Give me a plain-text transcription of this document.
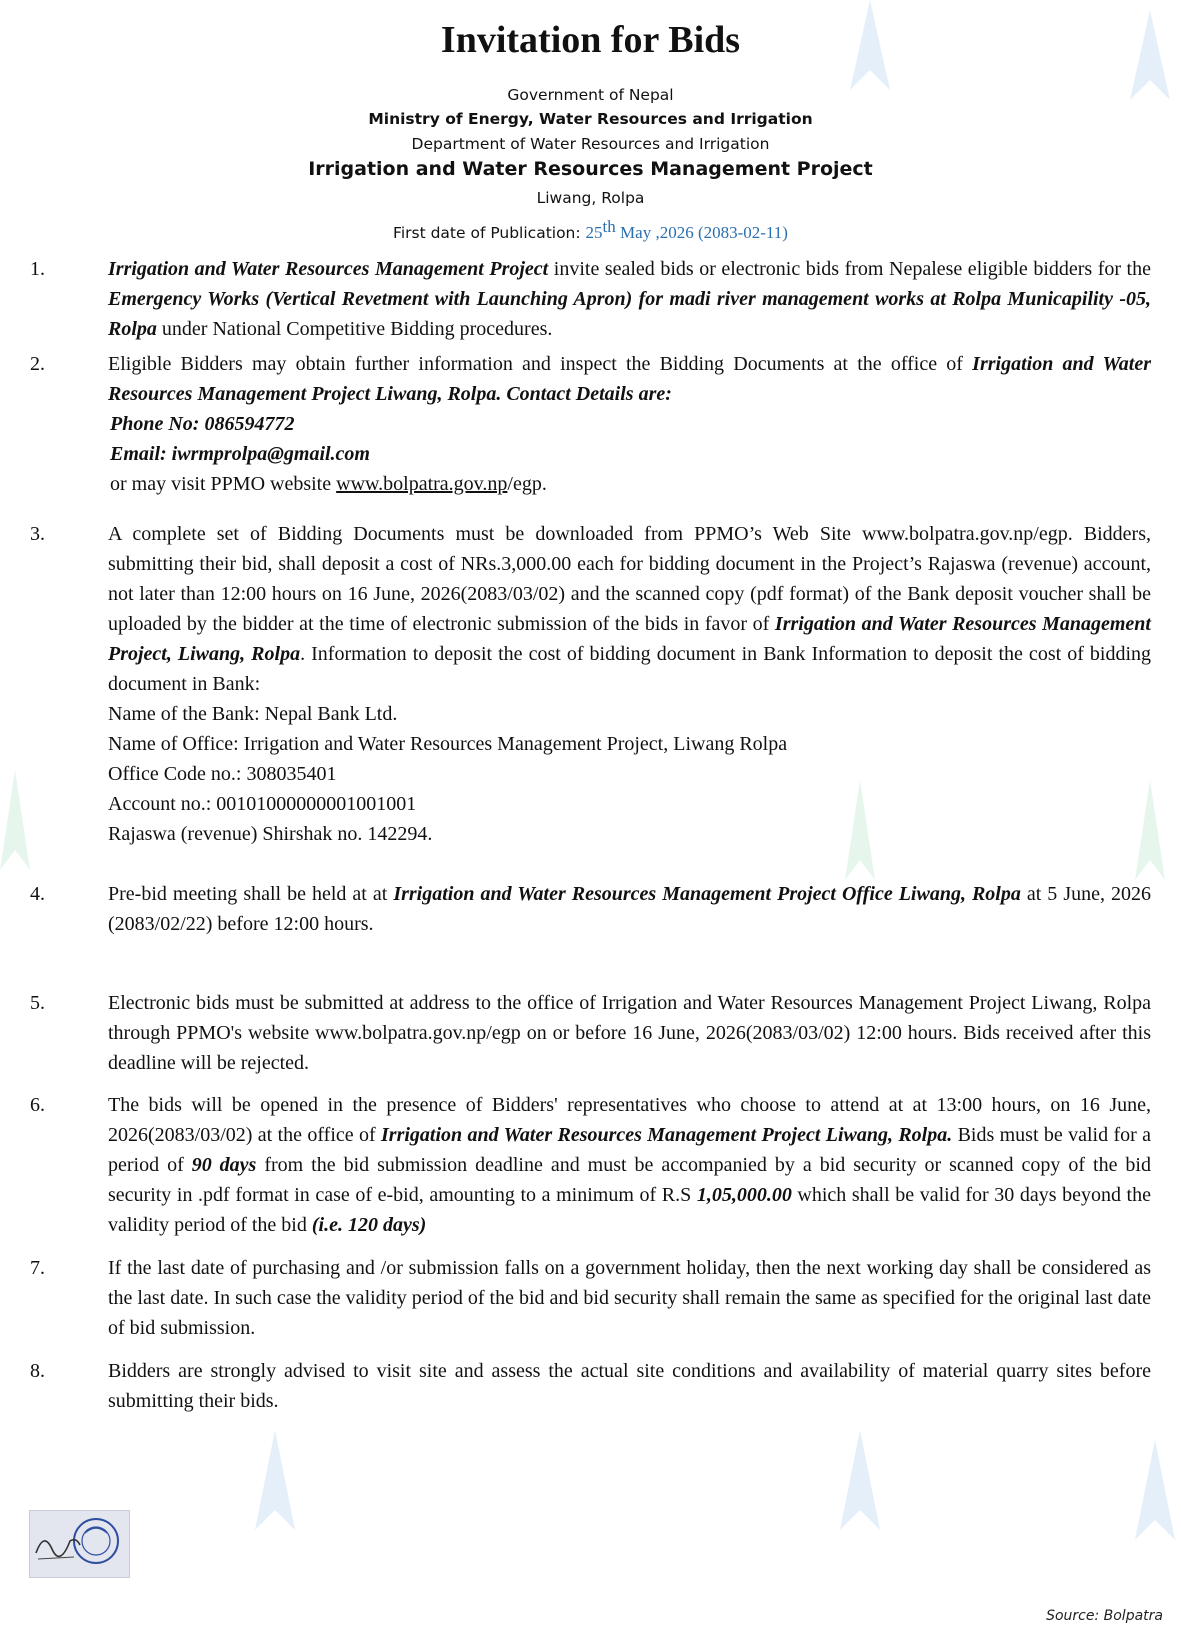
Invitation for Bids
Government of Nepal
Ministry of Energy, Water Resources and Irrigation
Department of Water Resources and Irrigation
Irrigation and Water Resources Management Project
Liwang, Rolpa
First date of Publication: 25th May ,2026 (2083-02-11)
1.	Irrigation and Water Resources Management Project invite sealed bids or electronic bids from Nepalese eligible bidders for the Emergency Works (Vertical Revetment with Launching Apron) for madi river management works at Rolpa Municapility -05, Rolpa under National Competitive Bidding procedures.
2.	Eligible Bidders may obtain further information and inspect the Bidding Documents at the office of Irrigation and Water Resources Management Project Liwang, Rolpa. Contact Details are:

Phone No: 086594772

Email: iwrmprolpa@gmail.com

or may visit PPMO website www.bolpatra.gov.np/egp.

3.	A complete set of Bidding Documents must be downloaded from PPMO’s Web Site www.bolpatra.gov.np/egp. Bidders, submitting their bid, shall deposit a cost of NRs.3,000.00 each for bidding document in the Project’s Rajaswa (revenue) account, not later than 12:00 hours on 16 June, 2026(2083/03/02) and the scanned copy (pdf format) of the Bank deposit voucher shall be uploaded by the bidder at the time of electronic submission of the bids in favor of Irrigation and Water Resources Management Project, Liwang, Rolpa. Information to deposit the cost of bidding document in Bank Information to deposit the cost of bidding document in Bank:

Name of the Bank: Nepal Bank Ltd.

Name of Office: Irrigation and Water Resources Management Project, Liwang Rolpa

Office Code no.: 308035401

Account no.: 00101000000001001001

Rajaswa (revenue) Shirshak no. 142294.

4.	Pre-bid meeting shall be held at at Irrigation and Water Resources Management Project Office Liwang, Rolpa at 5 June, 2026 (2083/02/22) before 12:00 hours.
5.	Electronic bids must be submitted at address to the office of Irrigation and Water Resources Management Project Liwang, Rolpa through PPMO's website www.bolpatra.gov.np/egp on or before 16 June, 2026(2083/03/02) 12:00 hours. Bids received after this deadline will be rejected.
6.	The bids will be opened in the presence of Bidders' representatives who choose to attend at at 13:00 hours, on 16 June, 2026(2083/03/02) at the office of Irrigation and Water Resources Management Project Liwang, Rolpa. Bids must be valid for a period of 90 days from the bid submission deadline and must be accompanied by a bid security or scanned copy of the bid security in .pdf format in case of e-bid, amounting to a minimum of R.S 1,05,000.00 which shall be valid for 30 days beyond the validity period of the bid (i.e. 120 days)
7.	If the last date of purchasing and /or submission falls on a government holiday, then the next working day shall be considered as the last date. In such case the validity period of the bid and bid security shall remain the same as specified for the original last date of bid submission.
8.	Bidders are strongly advised to visit site and assess the actual site conditions and availability of material quarry sites before submitting their bids.
Source: Bolpatra
